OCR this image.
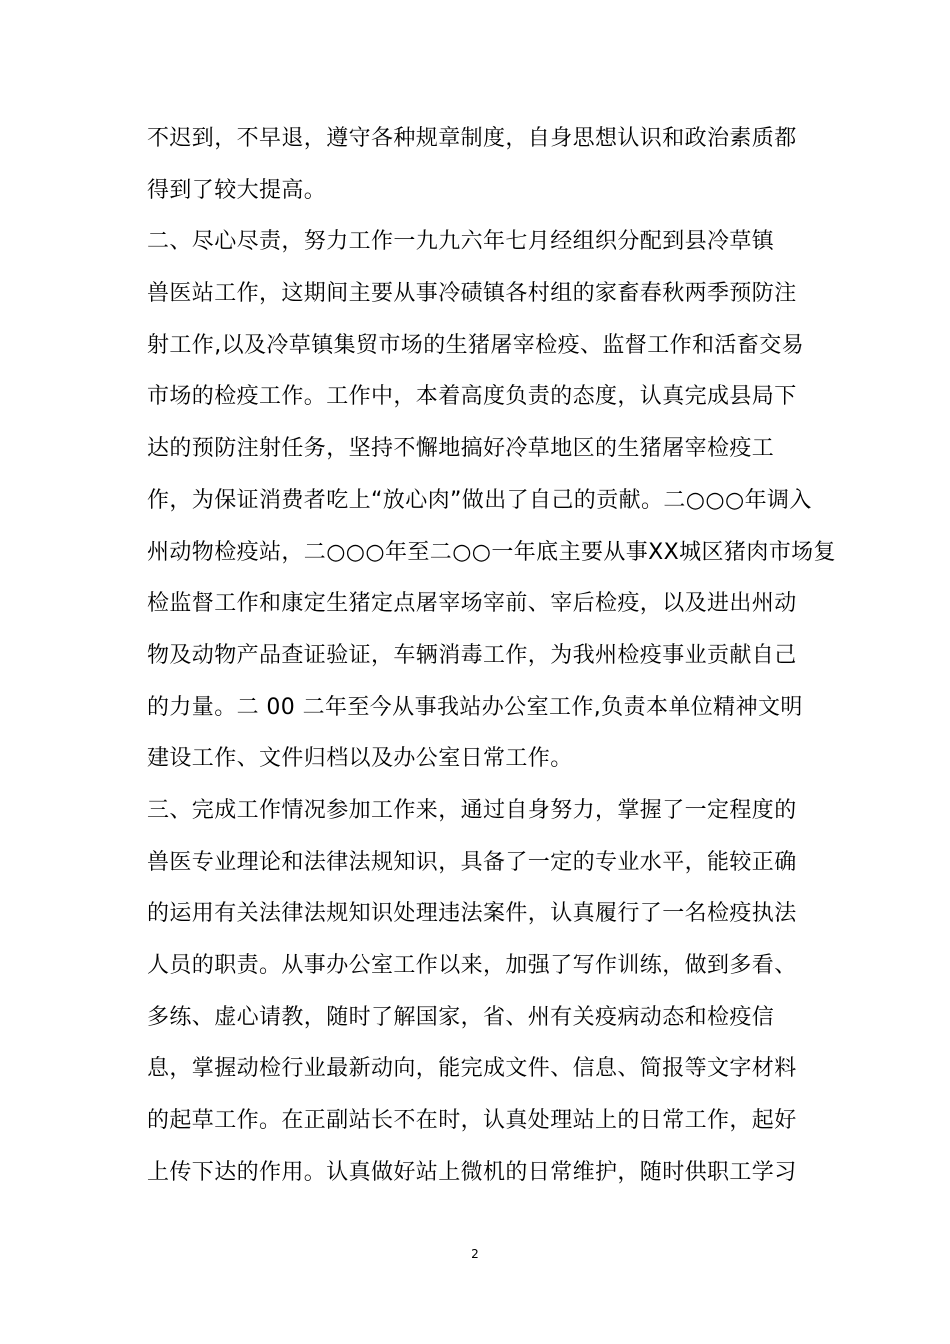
不迟到，不早退，遵守各种规章制度，自身思想认识和政治素质都
得到了较大提高。
二、尽心尽责，努力工作一九九六年七月经组织分配到县冷草镇
兽医站工作，这期间主要从事冷碛镇各村组的家畜春秋两季预防注
射工作,以及冷草镇集贸市场的生猪屠宰检疫、监督工作和活畜交易
市场的检疫工作。工作中，本着高度负责的态度，认真完成县局下
达的预防注射任务，坚持不懈地搞好冷草地区的生猪屠宰检疫工
作，为保证消费者吃上“放心肉”做出了自己的贡献。二○○○年调入
州动物检疫站，二○○○年至二○○一年底主要从事XX城区猪肉市场复
检监督工作和康定生猪定点屠宰场宰前、宰后检疫，以及进出州动
物及动物产品查证验证，车辆消毒工作，为我州检疫事业贡献自己
的力量。二 00 二年至今从事我站办公室工作,负责本单位精神文明
建设工作、文件归档以及办公室日常工作。
三、完成工作情况参加工作来，通过自身努力，掌握了一定程度的
兽医专业理论和法律法规知识，具备了一定的专业水平，能较正确
的运用有关法律法规知识处理违法案件，认真履行了一名检疫执法
人员的职责。从事办公室工作以来，加强了写作训练，做到多看、
多练、虚心请教，随时了解国家，省、州有关疫病动态和检疫信
息，掌握动检行业最新动向，能完成文件、信息、简报等文字材料
的起草工作。在正副站长不在时，认真处理站上的日常工作，起好
上传下达的作用。认真做好站上微机的日常维护，随时供职工学习
2
